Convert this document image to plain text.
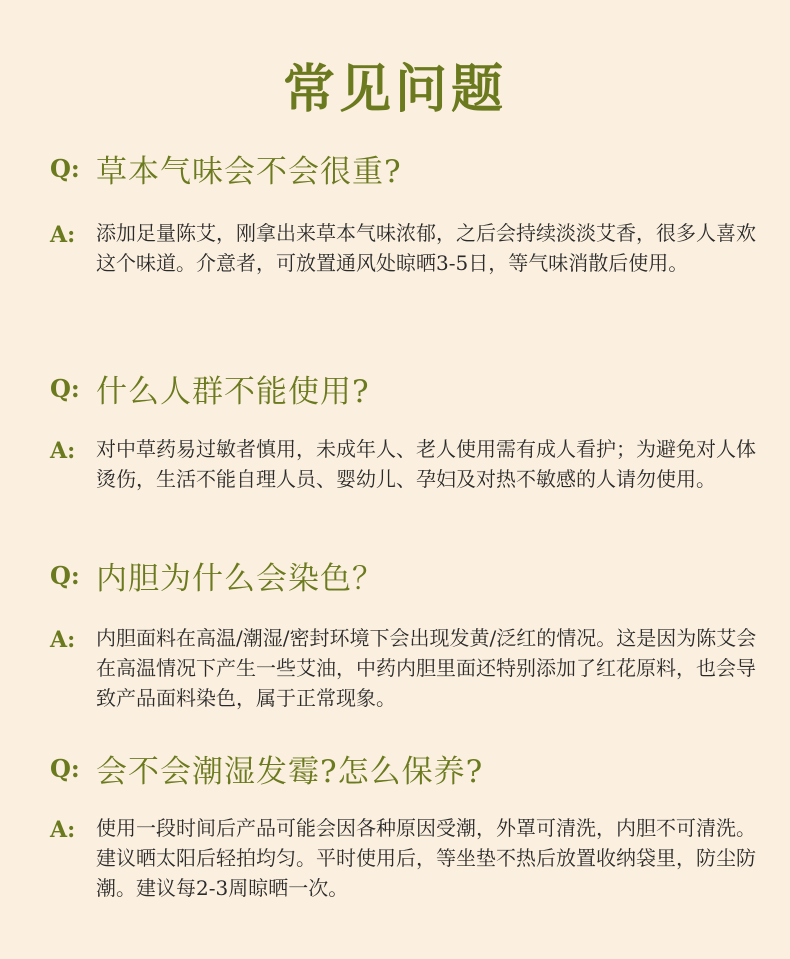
常见问题
Q: 草本气味会不会很重?
A:	添加足量陈艾，刚拿出来草本气味浓郁，之后会持续淡淡艾香，很多人喜欢这个味道。介意者，可放置通风处晾晒3-5日，等气味消散后使用。
Q: 什么人群不能使用?
A:	对中草药易过敏者慎用，未成年人、老人使用需有成人看护；为避免对人体烫伤，生活不能自理人员、婴幼儿、孕妇及对热不敏感的人请勿使用。
Q: 内胆为什么会染色？
A:	内胆面料在高温/潮湿/密封环境下会出现发黄/泛红的情况。这是因为陈艾会在高温情况下产生一些艾油，中药内胆里面还特别添加了红花原料，也会导致产品面料染色，属于正常现象。
Q: 会不会潮湿发霉?怎么保养?
A:	使用一段时间后产品可能会因各种原因受潮，外罩可清洗，内胆不可清洗。建议晒太阳后轻拍均匀。平时使用后，等坐垫不热后放置收纳袋里，防尘防潮。建议每2-3周晾晒一次。
